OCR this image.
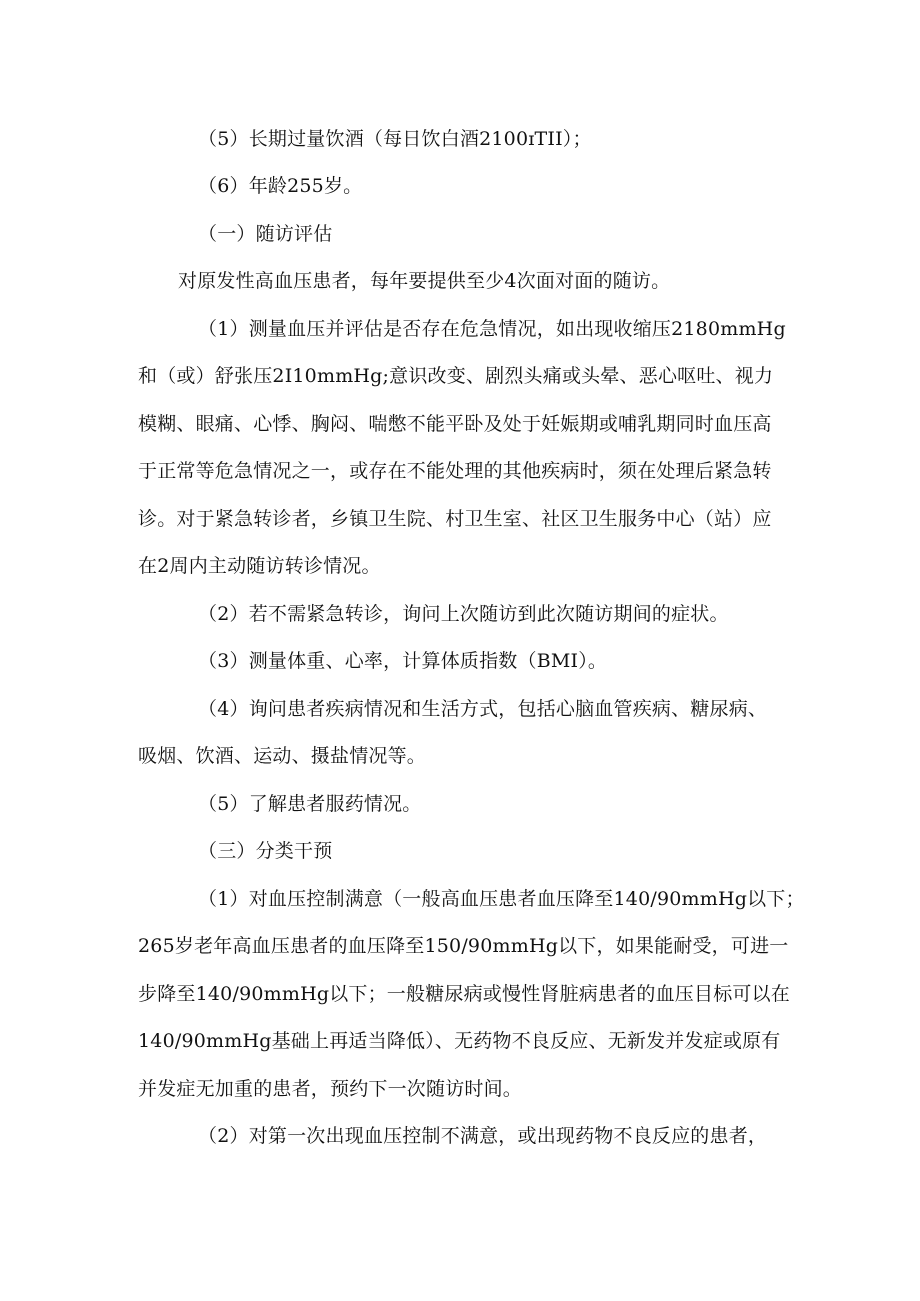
（5）长期过量饮酒（每日饮白酒2100ɪTII）；
（6）年龄255岁。
（一）随访评估
对原发性高血压患者，每年要提供至少4次面对面的随访。
（1）测量血压并评估是否存在危急情况，如出现收缩压2180mmHg
和（或）舒张压2I10mmHg;意识改变、剧烈头痛或头晕、恶心呕吐、视力
模糊、眼痛、心悸、胸闷、喘憋不能平卧及处于妊娠期或哺乳期同时血压高
于正常等危急情况之一，或存在不能处理的其他疾病时，须在处理后紧急转
诊。对于紧急转诊者，乡镇卫生院、村卫生室、社区卫生服务中心（站）应
在2周内主动随访转诊情况。
（2）若不需紧急转诊，询问上次随访到此次随访期间的症状。
（3）测量体重、心率，计算体质指数（BMI）。
（4）询问患者疾病情况和生活方式，包括心脑血管疾病、糖尿病、
吸烟、饮酒、运动、摄盐情况等。
（5）了解患者服药情况。
（三）分类干预
（1）对血压控制满意（一般高血压患者血压降至140/90mmHg以下；
265岁老年高血压患者的血压降至150/90mmHg以下，如果能耐受，可进一
步降至140/90mmHg以下；一般糖尿病或慢性肾脏病患者的血压目标可以在
140/90mmHg基础上再适当降低）、无药物不良反应、无新发并发症或原有
并发症无加重的患者，预约下一次随访时间。
（2）对第一次出现血压控制不满意，或出现药物不良反应的患者，
